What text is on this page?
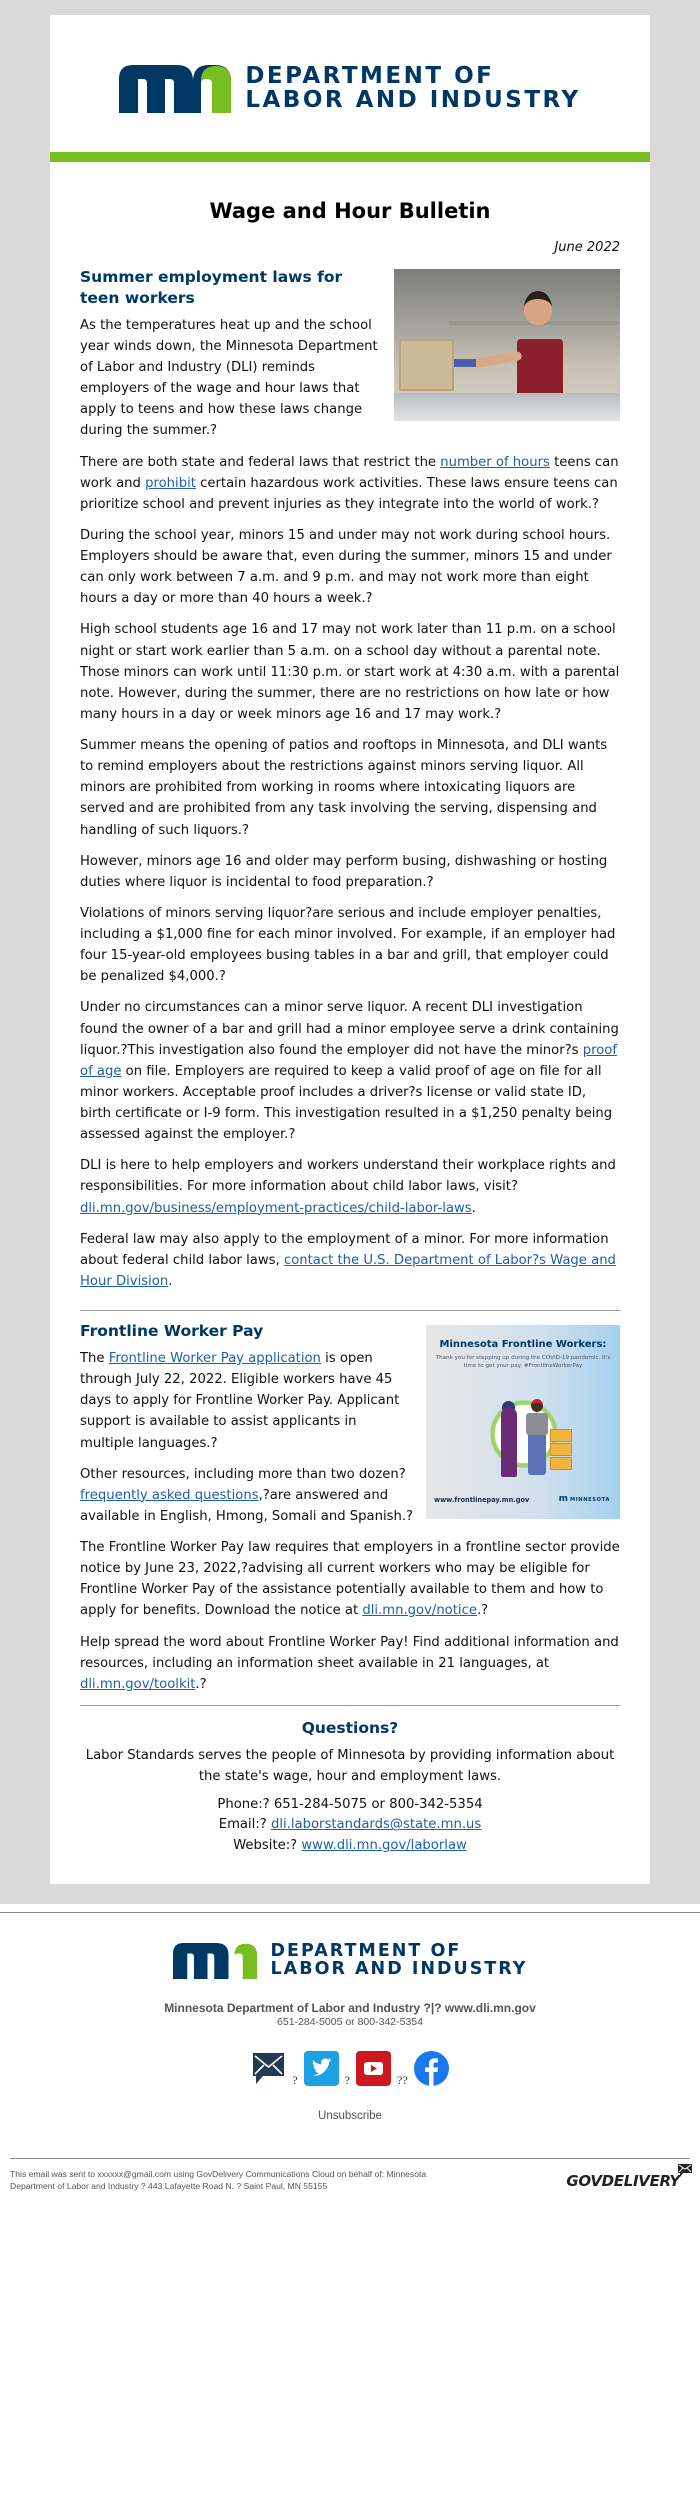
DEPARTMENT OF
LABOR AND INDUSTRY
Wage and Hour Bulletin
June 2022
Summer employment laws for teen workers

As the temperatures heat up and the school year winds down, the Minnesota Department of Labor and Industry (DLI) reminds employers of the wage and hour laws that apply to teens and how these laws change during the summer.?

There are both state and federal laws that restrict the number of hours teens can work and prohibit certain hazardous work activities. These laws ensure teens can prioritize school and prevent injuries as they integrate into the world of work.?

During the school year, minors 15 and under may not work during school hours. Employers should be aware that, even during the summer, minors 15 and under can only work between 7 a.m. and 9 p.m. and may not work more than eight hours a day or more than 40 hours a week.?

High school students age 16 and 17 may not work later than 11 p.m. on a school night or start work earlier than 5 a.m. on a school day without a parental note. Those minors can work until 11:30 p.m. or start work at 4:30 a.m. with a parental note. However, during the summer, there are no restrictions on how late or how many hours in a day or week minors age 16 and 17 may work.?

Summer means the opening of patios and rooftops in Minnesota, and DLI wants to remind employers about the restrictions against minors serving liquor. All minors are prohibited from working in rooms where intoxicating liquors are served and are prohibited from any task involving the serving, dispensing and handling of such liquors.?

However, minors age 16 and older may perform busing, dishwashing or hosting duties where liquor is incidental to food preparation.?

Violations of minors serving liquor?are serious and include employer penalties, including a $1,000 fine for each minor involved. For example, if an employer had four 15-year-old employees busing tables in a bar and grill, that employer could be penalized $4,000.?

Under no circumstances can a minor serve liquor. A recent DLI investigation found the owner of a bar and grill had a minor employee serve a drink containing liquor.?This investigation also found the employer did not have the minor?s proof of age on file. Employers are required to keep a valid proof of age on file for all minor workers. Acceptable proof includes a driver?s license or valid state ID, birth certificate or I-9 form. This investigation resulted in a $1,250 penalty being assessed against the employer.?

DLI is here to help employers and workers understand their workplace rights and responsibilities. For more information about child labor laws, visit? dli.mn.gov/business/employment-practices/child-labor-laws.

Federal law may also apply to the employment of a minor. For more information about federal child labor laws, contact the U.S. Department of Labor?s Wage and Hour Division.

Frontline Worker Pay

The Frontline Worker Pay application is open through July 22, 2022. Eligible workers have 45 days to apply for Frontline Worker Pay. Applicant support is available to assist applicants in multiple languages.?

Other resources, including more than two dozen?frequently asked questions,?are answered and available in English, Hmong, Somali and Spanish.?

Minnesota Frontline Workers:
Thank you for stepping up during the COVID-19 pandemic. It's time to get your pay. #FrontlineWorkerPay
www.frontlinepay.mn.gov	mMINNESOTA

The Frontline Worker Pay law requires that employers in a frontline sector provide notice by June 23, 2022,?advising all current workers who may be eligible for Frontline Worker Pay of the assistance potentially available to them and how to apply for benefits. Download the notice at dli.mn.gov/notice.?

Help spread the word about Frontline Worker Pay! Find additional information and resources, including an information sheet available in 21 languages, at dli.mn.gov/toolkit.?

Questions?

Labor Standards serves the people of Minnesota by providing information about the state's wage, hour and employment laws.

Phone:? 651-284-5075 or 800-342-5354
Email:? dli.laborstandards@state.mn.us
Website:? www.dli.mn.gov/laborlaw
DEPARTMENT OF
LABOR AND INDUSTRY
Minnesota Department of Labor and Industry ?|? www.dli.mn.gov
651-284-5005 or 800-342-5354
?	?	??
Unsubscribe
This email was sent to xxxxxx@gmail.com using GovDelivery Communications Cloud on behalf of: Minnesota Department of Labor and Industry ? 443 Lafayette Road N. ? Saint Paul, MN 55155	GOVDELIVERY
